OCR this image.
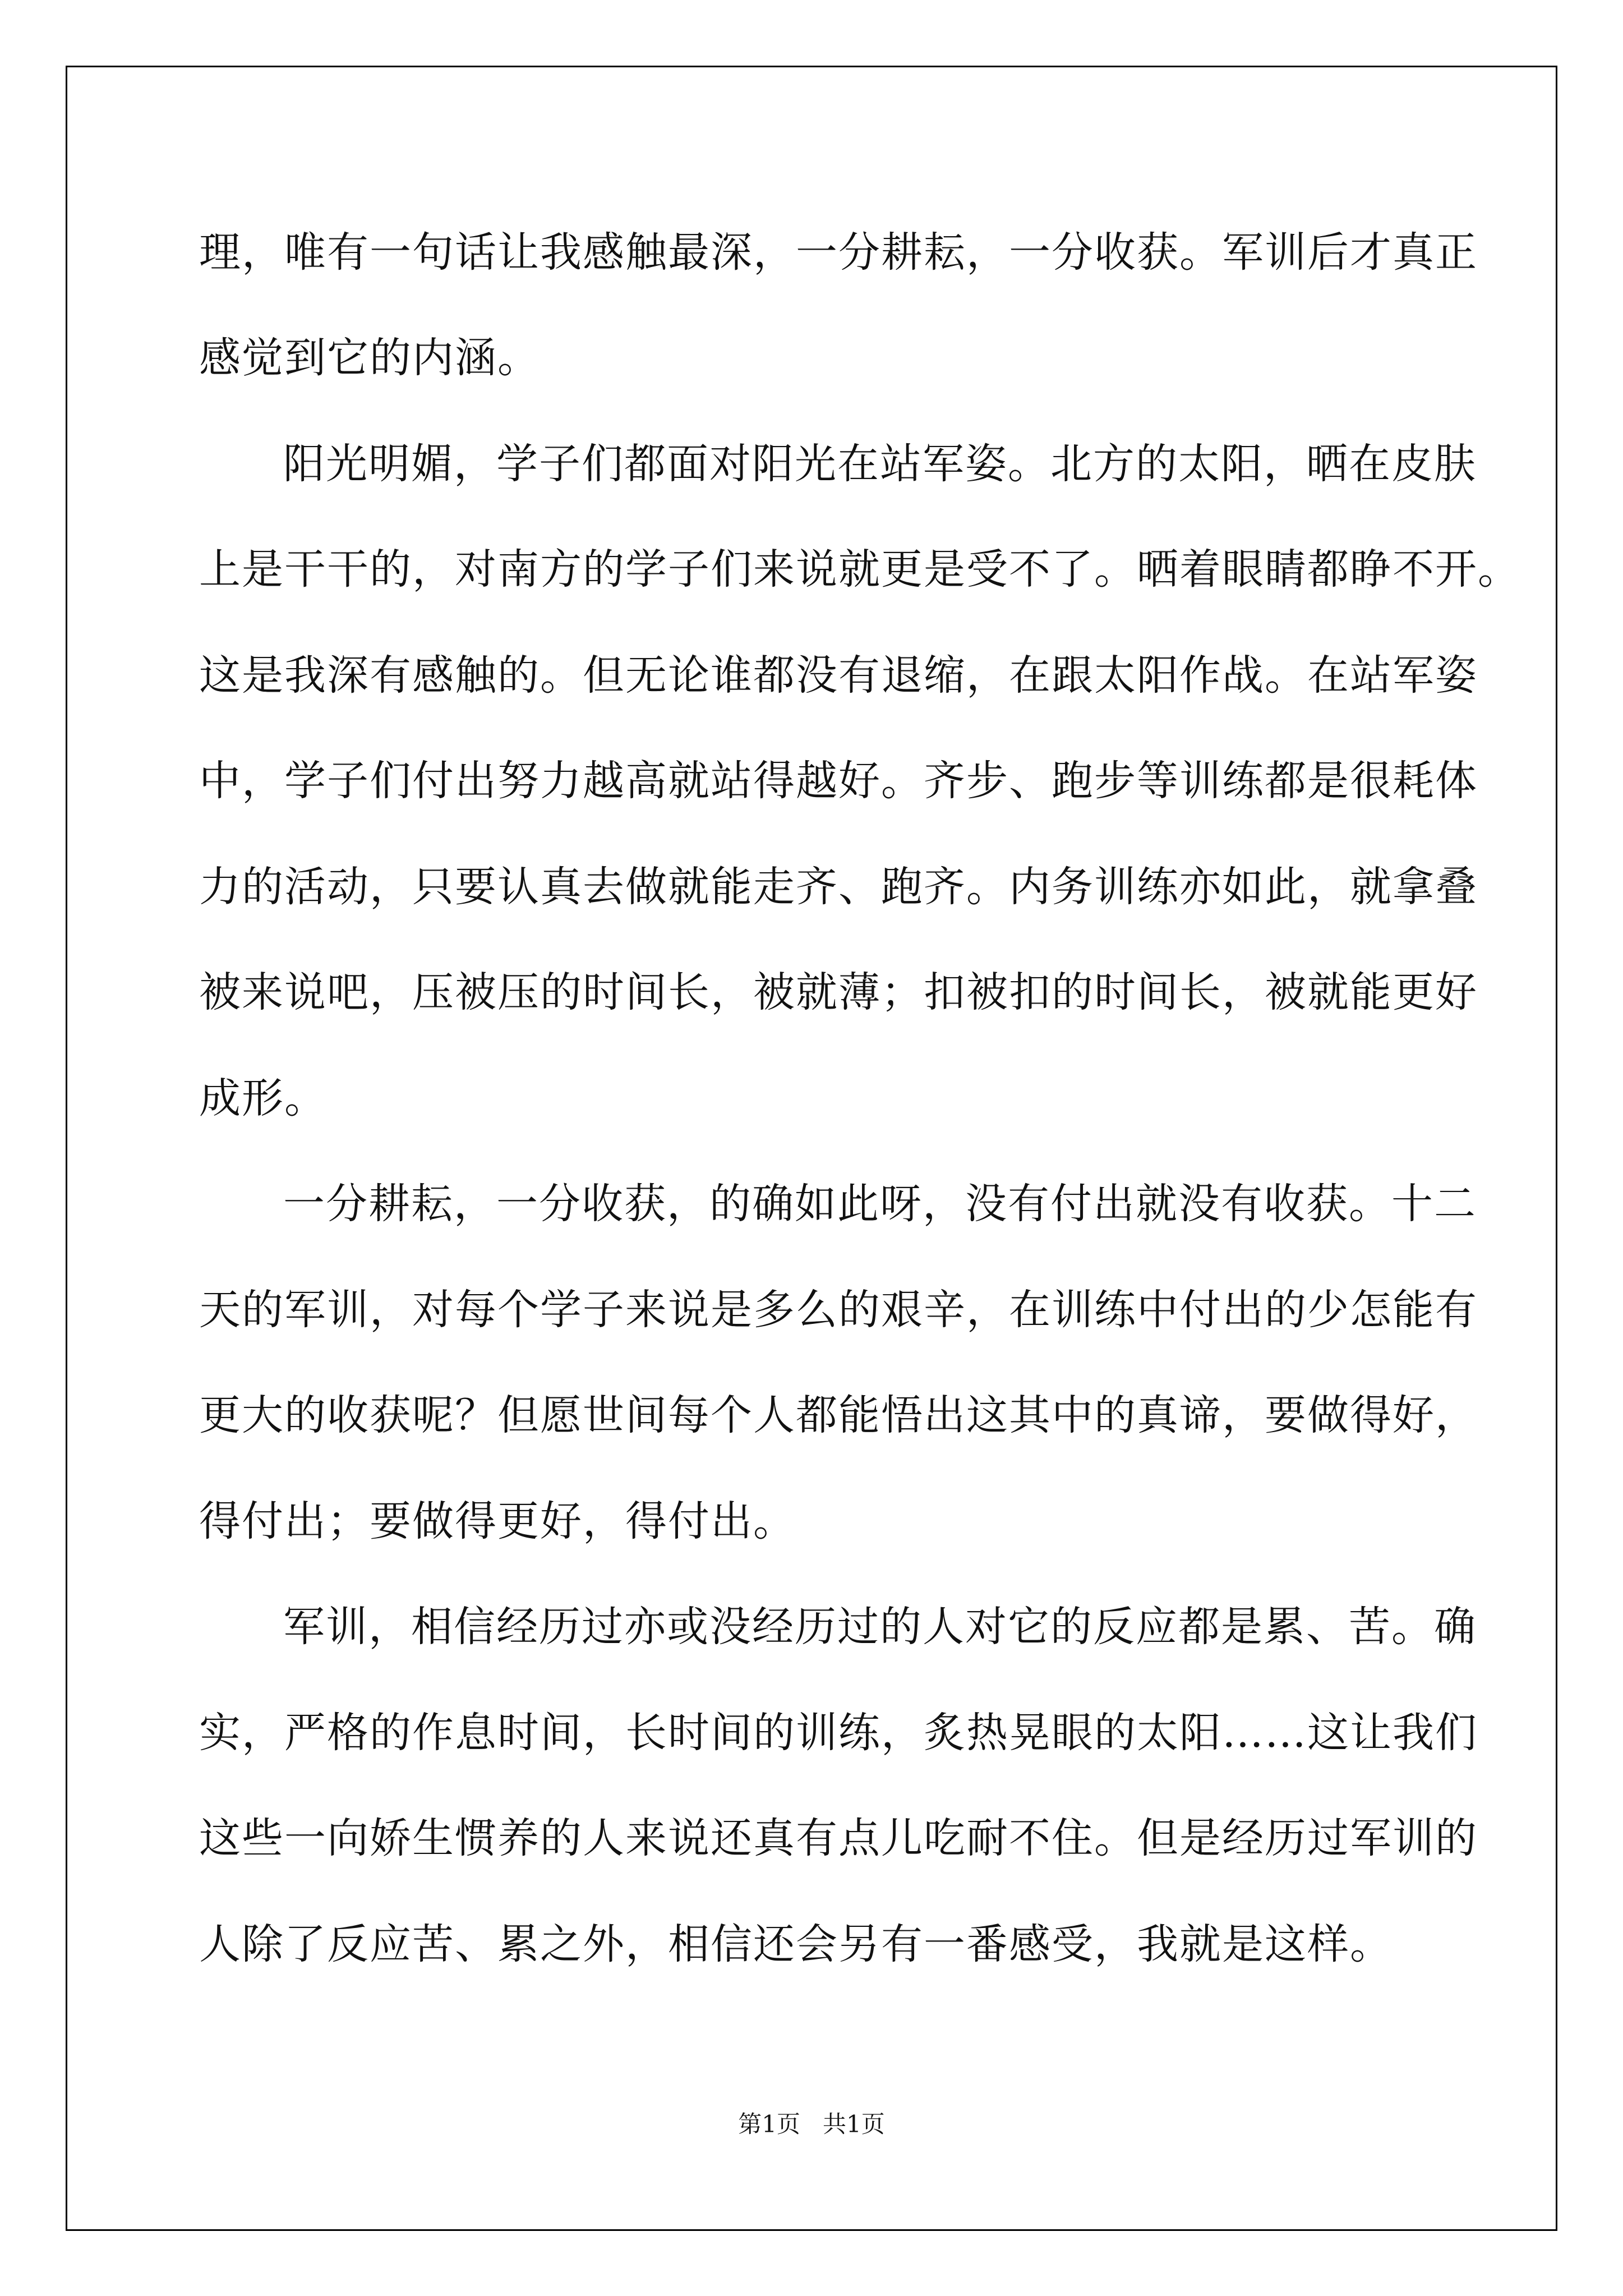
理，唯有一句话让我感触最深，一分耕耘，一分收获。军训后才真正
感觉到它的内涵。
阳光明媚，学子们都面对阳光在站军姿。北方的太阳，晒在皮肤
上是干干的，对南方的学子们来说就更是受不了。晒着眼睛都睁不开。
这是我深有感触的。但无论谁都没有退缩，在跟太阳作战。在站军姿
中，学子们付出努力越高就站得越好。齐步、跑步等训练都是很耗体
力的活动，只要认真去做就能走齐、跑齐。内务训练亦如此，就拿叠
被来说吧，压被压的时间长，被就薄；扣被扣的时间长，被就能更好
成形。
一分耕耘，一分收获，的确如此呀，没有付出就没有收获。十二
天的军训，对每个学子来说是多么的艰辛，在训练中付出的少怎能有
更大的收获呢？但愿世间每个人都能悟出这其中的真谛，要做得好，
得付出；要做得更好，得付出。
军训，相信经历过亦或没经历过的人对它的反应都是累、苦。确
实，严格的作息时间，长时间的训练，炙热晃眼的太阳……这让我们
这些一向娇生惯养的人来说还真有点儿吃耐不住。但是经历过军训的
人除了反应苦、累之外，相信还会另有一番感受，我就是这样。
第1页   共1页
